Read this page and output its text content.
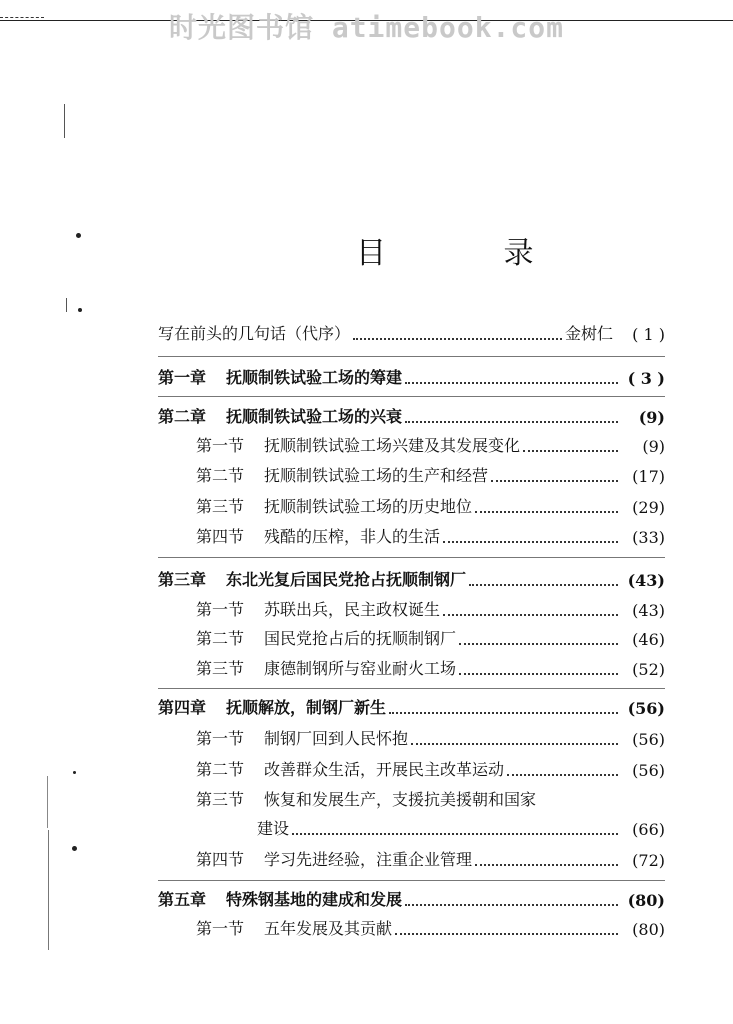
时光图书馆 atimebook.com
目 录
写在前头的几句话（代序）	金树仁	( 1 )
第一章 抚顺制铁试验工场的筹建	( 3 )
第二章 抚顺制铁试验工场的兴衰	(9)
第一节 抚顺制铁试验工场兴建及其发展变化	(9)
第二节 抚顺制铁试验工场的生产和经营	(17)
第三节 抚顺制铁试验工场的历史地位	(29)
第四节 残酷的压榨，非人的生活	(33)
第三章 东北光复后国民党抢占抚顺制钢厂	(43)
第一节 苏联出兵，民主政权诞生	(43)
第二节 国民党抢占后的抚顺制钢厂	(46)
第三节 康德制钢所与窑业耐火工场	(52)
第四章 抚顺解放，制钢厂新生	(56)
第一节 制钢厂回到人民怀抱	(56)
第二节 改善群众生活，开展民主改革运动	(56)
第三节 恢复和发展生产，支援抗美援朝和国家
建设	(66)
第四节 学习先进经验，注重企业管理	(72)
第五章 特殊钢基地的建成和发展	(80)
第一节 五年发展及其贡献	(80)
